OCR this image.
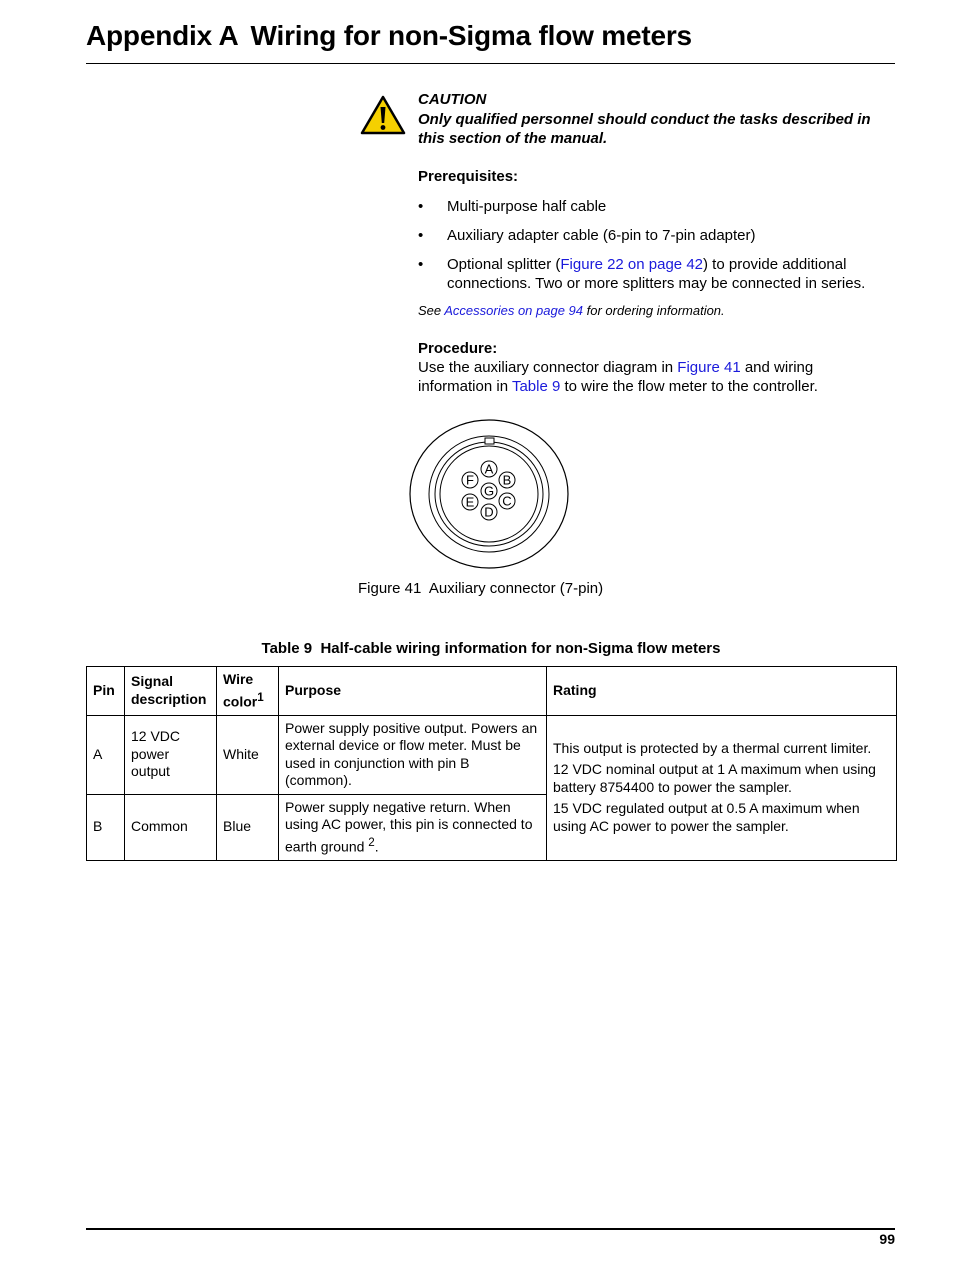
Appendix A Wiring for non-Sigma flow meters
CAUTION
Only qualified personnel should conduct the tasks described in this section of the manual.
Prerequisites:
• Multi-purpose half cable
• Auxiliary adapter cable (6-pin to 7-pin adapter)
• Optional splitter (Figure 22 on page 42) to provide additional connections. Two or more splitters may be connected in series.
See Accessories on page 94 for ordering information.
Procedure:
Use the auxiliary connector diagram in Figure 41 and wiring information in Table 9 to wire the flow meter to the controller.
A
B
C
D
E
F
G
Figure 41 Auxiliary connector (7-pin)
Table 9 Half-cable wiring information for non-Sigma flow meters
Pin	Signal description	Wire color$^1$	Purpose	Rating
A	12 VDC power output	White	Power supply positive output. Powers an external device or flow meter. Must be used in conjunction with pin B (common).	This output is protected by a thermal current limiter.

12 VDC nominal output at 1 A maximum when using battery 8754400 to power the sampler.

15 VDC regulated output at 0.5 A maximum when using AC power to power the sampler.

B	Common	Blue	Power supply negative return. When using AC power, this pin is connected to earth ground $^2$.	
99
